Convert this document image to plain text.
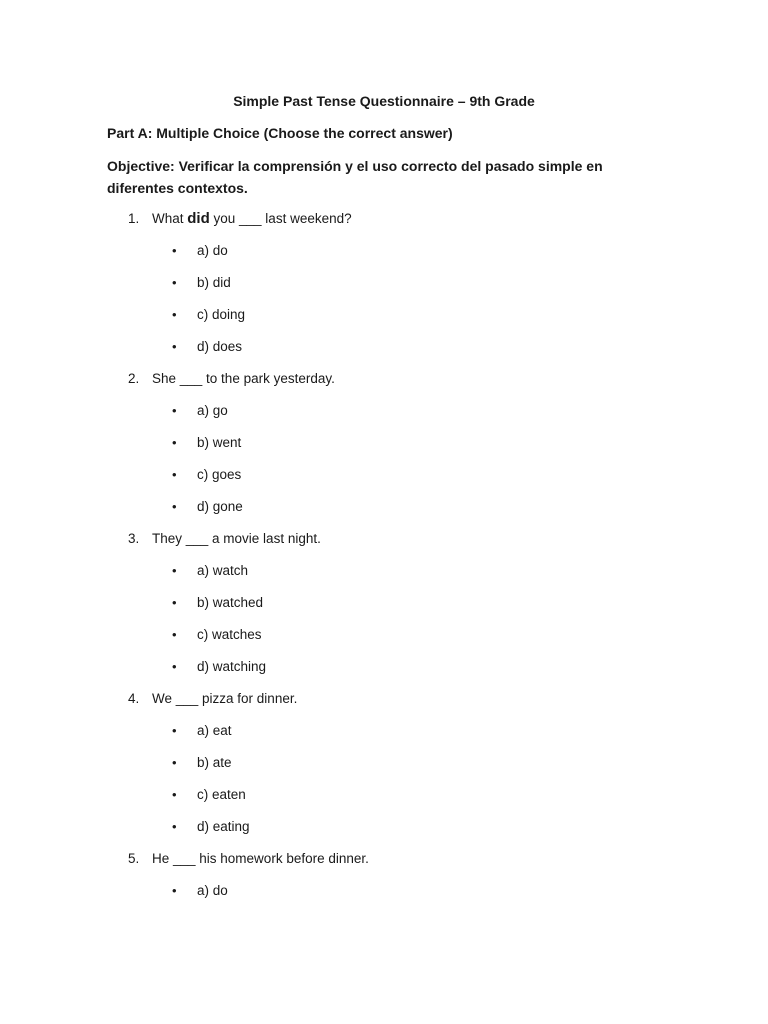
Simple Past Tense Questionnaire – 9th Grade
Part A: Multiple Choice (Choose the correct answer)
Objective: Verificar la comprensión y el uso correcto del pasado simple en diferentes contextos.
1. What did you ___ last weekend?
• a) do
• b) did
• c) doing
• d) does
2. She ___ to the park yesterday.
• a) go
• b) went
• c) goes
• d) gone
3. They ___ a movie last night.
• a) watch
• b) watched
• c) watches
• d) watching
4. We ___ pizza for dinner.
• a) eat
• b) ate
• c) eaten
• d) eating
5. He ___ his homework before dinner.
• a) do
